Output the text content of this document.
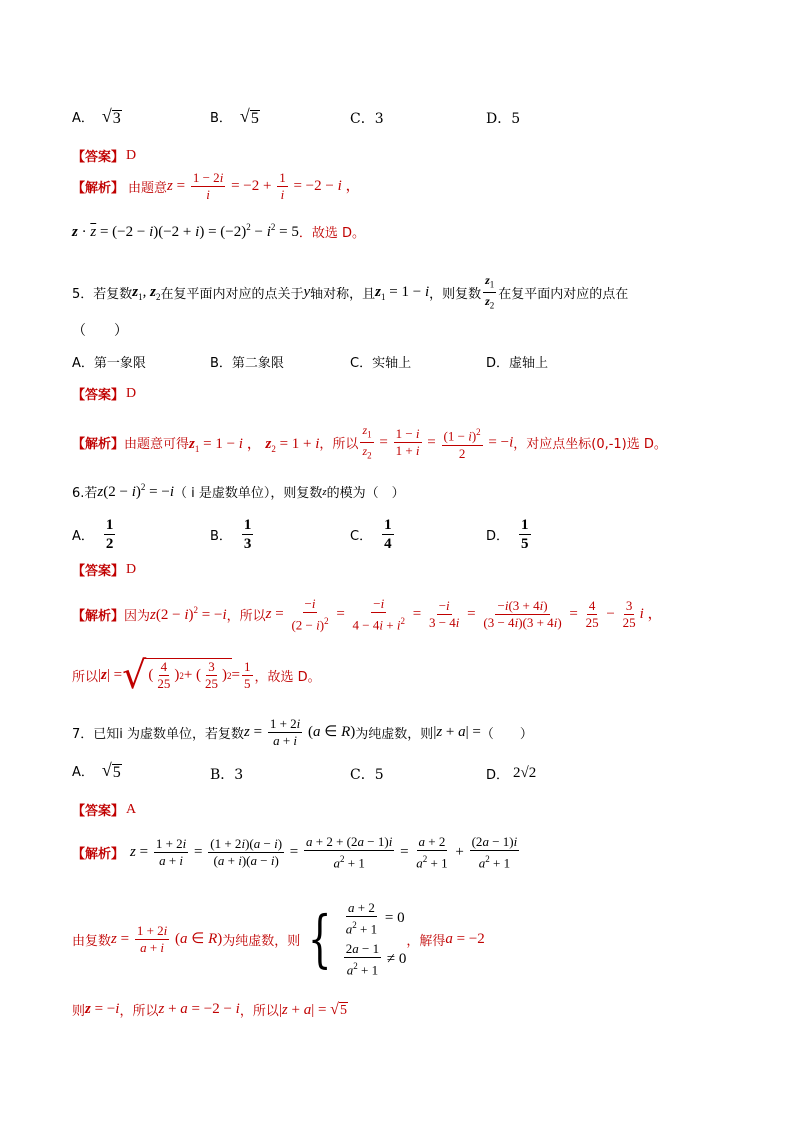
A． √ 3	B． √ 5	C．3	D．5
【答案】 D
【解析】 由题意 $z = \frac{1 - 2i}{i} = -2 + \frac{1}{i} = -2 - i$ ，
$z \cdot \overline{z} = (-2 - i)(-2 + i) = (-2)^2 - i^2 = 5$ ．故选 D。
5．若复数 $z_1$, $z_2$ 在复平面内对应的点关于 y 轴对称，且 $z_1 = 1 - i$ ，则复数 $\frac{z_1}{z_2}$ 在复平面内对应的点在
（　　）
A．第一象限	B．第二象限	C．实轴上	D．虚轴上
【答案】 D
【解析】 由题意可得 $z_1 = 1 - i$ ， $z_2 = 1 + i$ ，所以 $\frac{z_1}{z_2} = \frac{1 - i}{1 + i} = \frac{(1 - i)^2}{2} = -i$ ，对应点坐标(0,-1)选 D。
6.若 $z(2 - i)^2 = -i$ （ i 是虚数单位），则复数 z 的模为（　）
A． $\frac{1}{2}$	B． $\frac{1}{3}$	C． $\frac{1}{4}$	D． $\frac{1}{5}$
【答案】 D
【解析】 因为 $z(2 - i)^2 = -i$ ，所以 $z = \frac{-i}{(2 - i)^2} = \frac{-i}{4 - 4i + i^2} = \frac{-i}{3 - 4i} = \frac{-i(3 + 4i)}{(3 - 4i)(3 + 4i)} = \frac{4}{25} - \frac{3}{25}$ i ，
所以 | z | = √ ( $\frac{4}{25}$ ) 2 + ( $\frac{3}{25}$ ) $2 = \frac{1}{5}$ ，故选 D。
7．已知i 为虚数单位，若复数 $z = \frac{1 + 2i}{a + i} (a$ ∈ R) 为纯虚数，则 |z + a| = （　　）
A． √ 5	B．3	C．5	D． 2√2
【答案】 A
【解析】 $z = \frac{1 + 2i}{a + i} = \frac{(1 + 2i)(a - i)}{(a + i)(a - i)} = \frac{a + 2 + (2a - 1)i}{a^2 + 1} = \frac{a + 2}{a^2 + 1} + \frac{(2a - 1)i}{a^2 + 1}$
由复数 $z = \frac{1 + 2i}{a + i} (a$ ∈ R) 为纯虚数，则 { $\frac{a + 2}{a^2 + 1} = 0$
$\frac{2a - 1}{a^2 + 1} \ne 0$
，解得 a = −2
则 z = −i ，所以 z + a = −2 − i ，所以 |z + a| = √ 5
